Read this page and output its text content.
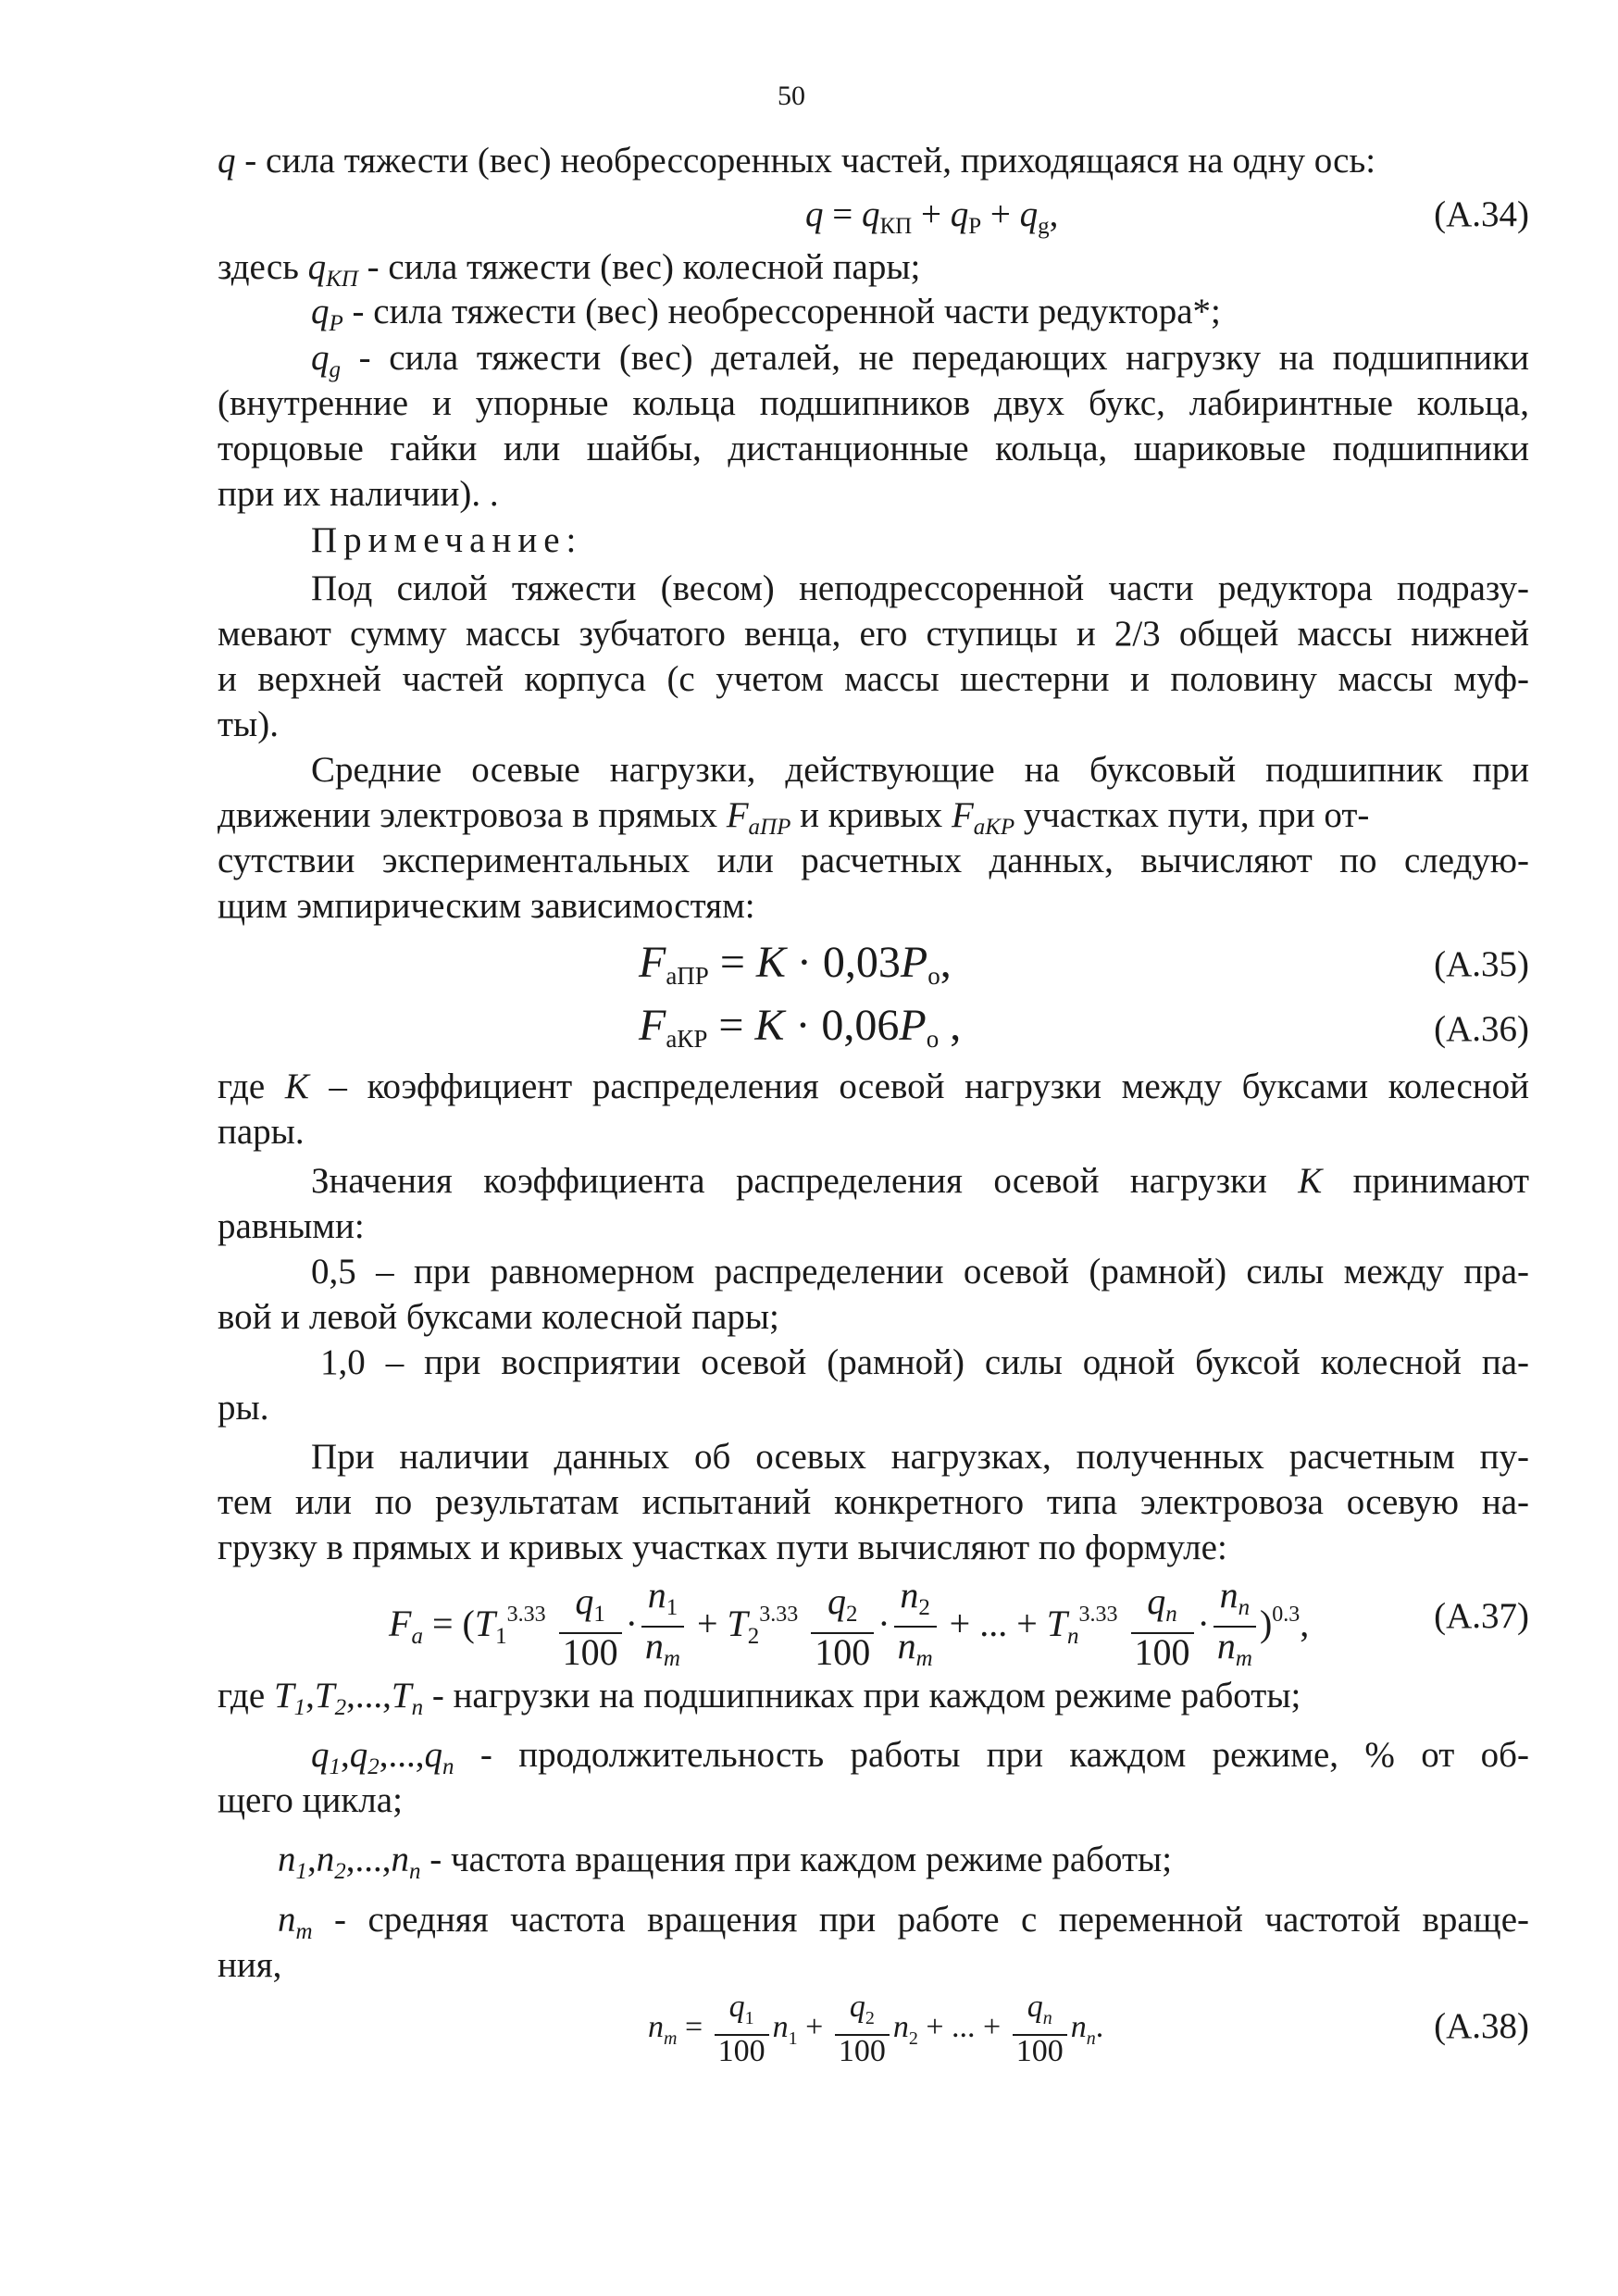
50
q - сила тяжести (вес) необрессоренных частей, приходящаяся на одну ось:
$q = q_{КП} + q_Р + q_g$,	(А.34)
здесь $q_{КП}$ - сила тяжести (вес) колесной пары;
$q_Р$ - сила тяжести (вес) необрессоренной части редуктора*;
$q_g$ - сила тяжести (вес) деталей, не передающих нагрузку на подшипники
(внутренние и упорные кольца подшипников двух букс, лабиринтные кольца,
торцовые гайки или шайбы, дистанционные кольца, шариковые подшипники
при их наличии). .
Примечание:
Под силой тяжести (весом) неподрессоренной части редуктора подразу-
мевают сумму массы зубчатого венца, его ступицы и 2/3 общей массы нижней
и верхней частей корпуса (с учетом массы шестерни и половину массы муф-
ты).
Средние осевые нагрузки, действующие на буксовый подшипник при
движении электровоза в прямых $F_{аПР}$ и кривых $F_{аКР}$ участках пути, при от-
сутствии экспериментальных или расчетных данных, вычисляют по следую-
щим эмпирическим зависимостям:
$F_{аПР} = K \cdot 0,03P_о$,	(А.35)
$F_{аКР} = K \cdot 0,06P_о$ ,	(А.36)
где К – коэффициент распределения осевой нагрузки между буксами колесной
пары.
Значения коэффициента распределения осевой нагрузки К принимают
равными:
0,5 – при равномерном распределении осевой (рамной) силы между пра-
вой и левой буксами колесной пары;
1,0 – при восприятии осевой (рамной) силы одной буксой колесной па-
ры.
При наличии данных об осевых нагрузках, полученных расчетным пу-
тем или по результатам испытаний конкретного типа электровоза осевую на-
грузку в прямых и кривых участках пути вычисляют по формуле:
$F_a = (T_1^{3.33} \frac{q_1}{100} \cdot \frac{n_1}{n_m} + T_2^{3.33} \frac{q_2}{100} \cdot \frac{n_2}{n_m}$ + ... + $T_n^{3.33} \frac{q_n}{100} \cdot \frac{n_n}{n_m} )^{0.3}$,	(А.37)
где $T_1,T_2,...,T_n$ - нагрузки на подшипниках при каждом режиме работы;
$q_1,q_2,...,q_n$ - продолжительность работы при каждом режиме, % от об-
щего цикла;
$n_1,n_2,...,n_n$ - частота вращения при каждом режиме работы;
$n_m$ - средняя частота вращения при работе с переменной частотой враще-
ния,
$n_m = \frac{q_1}{100} n_1 + \frac{q_2}{100} n_2$ + ... + $\frac{q_n}{100} n_n$.	(А.38)
